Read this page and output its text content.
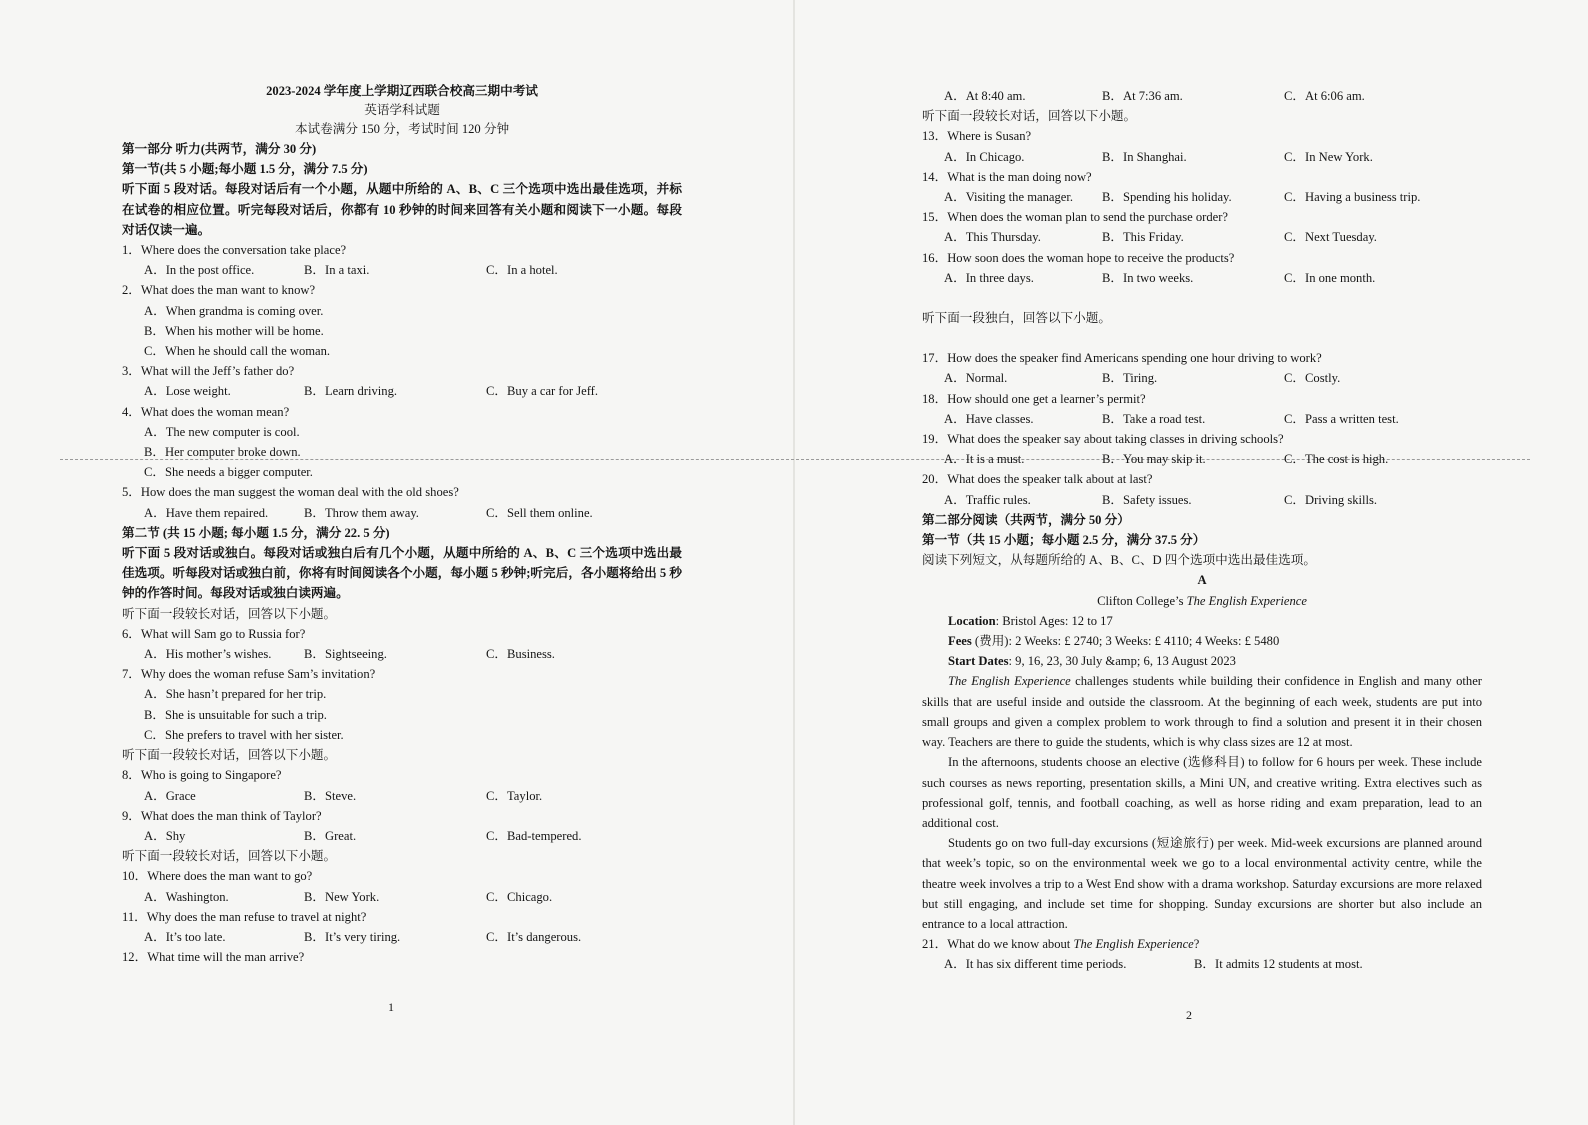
2023-2024 学年度上学期辽西联合校高三期中考试
英语学科试题
本试卷满分 150 分，考试时间 120 分钟
第一部分 听力(共两节，满分 30 分)
第一节(共 5 小题;每小题 1.5 分，满分 7.5 分)
听下面 5 段对话。每段对话后有一个小题，从题中所给的 A、B、C 三个选项中选出最佳选项，并标在试卷的相应位置。听完每段对话后，你都有 10 秒钟的时间来回答有关小题和阅读下一小题。每段对话仅读一遍。
1．Where does the conversation take place?
A．In the post office.	B．In a taxi.	C．In a hotel.
2．What does the man want to know?
A．When grandma is coming over.
B．When his mother will be home.
C．When he should call the woman.
3．What will the Jeff’s father do?
A．Lose weight.	B．Learn driving.	C．Buy a car for Jeff.
4．What does the woman mean?
A．The new computer is cool.
B．Her computer broke down.
C．She needs a bigger computer.
5．How does the man suggest the woman deal with the old shoes?
A．Have them repaired.	B．Throw them away.	C．Sell them online.
第二节 (共 15 小题; 每小题 1.5 分，满分 22. 5 分)
听下面 5 段对话或独白。每段对话或独白后有几个小题，从题中所给的 A、B、C 三个选项中选出最佳选项。听每段对话或独白前，你将有时间阅读各个小题，每小题 5 秒钟;听完后，各小题将给出 5 秒钟的作答时间。每段对话或独白读两遍。
听下面一段较长对话，回答以下小题。
6．What will Sam go to Russia for?
A．His mother’s wishes.	B．Sightseeing.	C．Business.
7．Why does the woman refuse Sam’s invitation?
A．She hasn’t prepared for her trip.
B．She is unsuitable for such a trip.
C．She prefers to travel with her sister.
听下面一段较长对话，回答以下小题。
8．Who is going to Singapore?
A．Grace	B．Steve.	C．Taylor.
9．What does the man think of Taylor?
A．Shy	B．Great.	C．Bad-tempered.
听下面一段较长对话，回答以下小题。
10．Where does the man want to go?
A．Washington.	B．New York.	C．Chicago.
11．Why does the man refuse to travel at night?
A．It’s too late.	B．It’s very tiring.	C．It’s dangerous.
12．What time will the man arrive?
1
A．At 8:40 am.	B．At 7:36 am.	C．At 6:06 am.
听下面一段较长对话，回答以下小题。
13．Where is Susan?
A．In Chicago.	B．In Shanghai.	C．In New York.
14．What is the man doing now?
A．Visiting the manager.	B．Spending his holiday.	C．Having a business trip.
15．When does the woman plan to send the purchase order?
A．This Thursday.	B．This Friday.	C．Next Tuesday.
16．How soon does the woman hope to receive the products?
A．In three days.	B．In two weeks.	C．In one month.
听下面一段独白，回答以下小题。
17．How does the speaker find Americans spending one hour driving to work?
A．Normal.	B．Tiring.	C．Costly.
18．How should one get a learner’s permit?
A．Have classes.	B．Take a road test.	C．Pass a written test.
19．What does the speaker say about taking classes in driving schools?
A．It is a must.	B．You may skip it.	C．The cost is high.
20．What does the speaker talk about at last?
A．Traffic rules.	B．Safety issues.	C．Driving skills.
第二部分阅读（共两节，满分 50 分）
第一节（共 15 小题；每小题 2.5 分，满分 37.5 分）
阅读下列短文，从每题所给的 A、B、C、D 四个选项中选出最佳选项。
A
Clifton College’s The English Experience
Location: Bristol Ages: 12 to 17
Fees (费用): 2 Weeks: £ 2740; 3 Weeks: £ 4110; 4 Weeks: £ 5480
Start Dates: 9, 16, 23, 30 July &amp; 6, 13 August 2023
The English Experience challenges students while building their confidence in English and many other skills that are useful inside and outside the classroom. At the beginning of each week, students are put into small groups and given a complex problem to work through to find a solution and present it in their chosen way. Teachers are there to guide the students, which is why class sizes are 12 at most.
In the afternoons, students choose an elective (选修科目) to follow for 6 hours per week. These include such courses as news reporting, presentation skills, a Mini UN, and creative writing. Extra electives such as professional golf, tennis, and football coaching, as well as horse riding and exam preparation, lead to an additional cost.
Students go on two full-day excursions (短途旅行) per week. Mid-week excursions are planned around that week’s topic, so on the environmental week we go to a local environmental activity centre, while the theatre week involves a trip to a West End show with a drama workshop. Saturday excursions are more relaxed but still engaging, and include set time for shopping. Sunday excursions are shorter but also include an entrance to a local attraction.
21．What do we know about The English Experience?
A．It has six different time periods.	B．It admits 12 students at most.
2
